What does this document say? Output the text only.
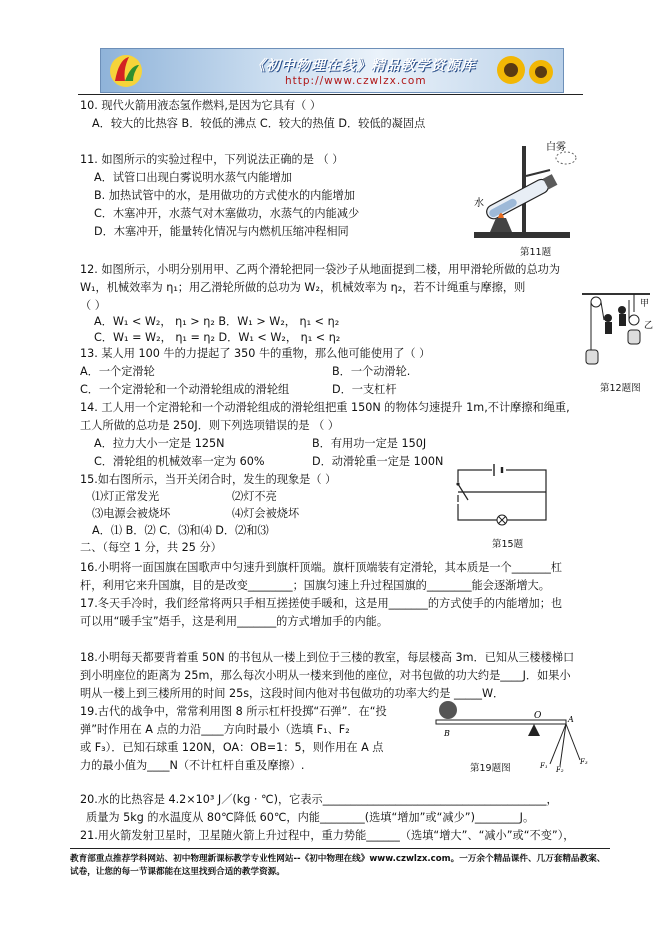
《初中物理在线》精品教学资源库
http://www.czwlzx.com
10. 现代火箭用液态氢作燃料,是因为它具有（ ）
A．较大的比热容 B．较低的沸点 C．较大的热值 D．较低的凝固点
11. 如图所示的实验过程中，下列说法正确的是 （ ）
A．试管口出现白雾说明水蒸气内能增加
B. 加热试管中的水，是用做功的方式使水的内能增加
C．木塞冲开，水蒸气对木塞做功，水蒸气的内能减少
D．木塞冲开，能量转化情况与内燃机压缩冲程相同
白雾
水
第11题
12. 如图所示，小明分别用甲、乙两个滑轮把同一袋沙子从地面提到二楼，用甲滑轮所做的总功为
W₁，机械效率为 η₁；用乙滑轮所做的总功为 W₂，机械效率为 η₂，若不计绳重与摩擦，则
（ ）
A．W₁ < W₂， η₁ > η₂ B．W₁ > W₂， η₁ < η₂
C．W₁ = W₂， η₁ = η₂ D．W₁ < W₂， η₁ < η₂
甲
乙
第12题图
13. 某人用 100 牛的力提起了 350 牛的重物，那么他可能使用了（ ）
A．一个定滑轮	B．一个动滑轮.
C．一个定滑轮和一个动滑轮组成的滑轮组	D．一支杠杆
14. 工人用一个定滑轮和一个动滑轮组成的滑轮组把重 150N 的物体匀速提升 1m,不计摩擦和绳重,
工人所做的总功是 250J．则下列选项错误的是 （ ）
A．拉力大小一定是 125N	B．有用功一定是 150J
C．滑轮组的机械效率一定为 60%	D．动滑轮重一定是 100N
15.如右图所示，当开关闭合时，发生的现象是（ ）
⑴灯正常发光	⑵灯不亮
⑶电源会被烧坏	⑷灯会被烧坏
A．⑴ B．⑵ C．⑶和⑷ D．⑵和⑶
第15题
二、（每空 1 分，共 25 分）
16.小明将一面国旗在国歌声中匀速升到旗杆顶端。旗杆顶端装有定滑轮，其本质是一个_______杠
杆，利用它来升国旗，目的是改变________；国旗匀速上升过程国旗的________能会逐渐增大。
17.冬天手冷时，我们经常将两只手相互搓搓使手暖和，这是用_______的方式使手的内能增加；也
可以用“暖手宝”焐手，这是利用_______的方式增加手的内能。
18.小明每天都要背着重 50N 的书包从一楼上到位于三楼的教室，每层楼高 3m．已知从三楼楼梯口
到小明座位的距离为 25m，那么每次小明从一楼来到他的座位，对书包做的功大约是____J．如果小
明从一楼上到三楼所用的时间 25s，这段时间内他对书包做功的功率大约是 _____W．
19.古代的战争中，常常利用图 8 所示杠杆投掷“石弹”．在“投
弹”时作用在 A 点的力沿____方向时最小（选填 F₁、F₂
或 F₃）．已知石球重 120N，OA：OB=1：5，则作用在 A 点
力的最小值为____N（不计杠杆自重及摩擦）.
O	A
B
F₁ F₂
F₃
第19题图
20.水的比热容是 4.2×10³ J／(kg · ℃)，它表示________________________________________，
质量为 5kg 的水温度从 80℃降低 60℃，内能________(选填“增加”或“减少”)________J。
21.用火箭发射卫星时，卫星随火箭上升过程中，重力势能______（选填“增大”、“减小”或“不变”），
教育部重点推荐学科网站、初中物理新课标教学专业性网站--《初中物理在线》www.czwlzx.com。一万余个精品课件、几万套精品教案、试卷，让您的每一节课都能在这里找到合适的教学资源。
